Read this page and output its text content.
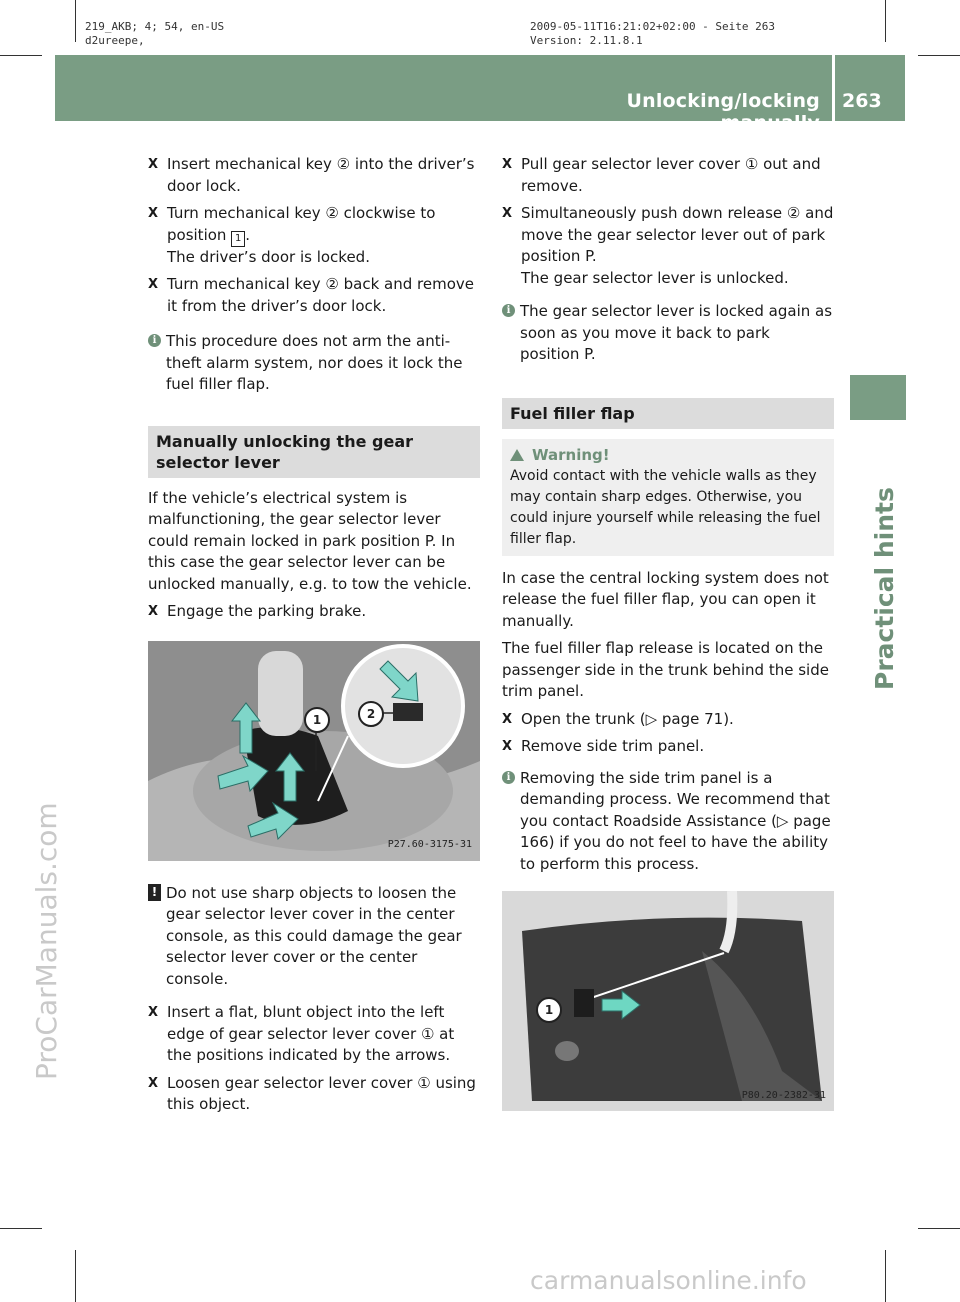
219_AKB; 4; 54, en-US
d2ureepe,
2009-05-11T16:21:02+02:00 - Seite 263
Version: 2.11.8.1
Unlocking/locking manually
263
Practical hints
ProCarManuals.com
carmanualsonline.info
X Insert mechanical key ② into the driver’s door lock.
X Turn mechanical key ② clockwise to position 1 .
The driver’s door is locked.
X Turn mechanical key ② back and remove it from the driver’s door lock.
i This procedure does not arm the anti-theft alarm system, nor does it lock the fuel filler flap.
Manually unlocking the gear selector lever
If the vehicle’s electrical system is malfunctioning, the gear selector lever could remain locked in park position P. In this case the gear selector lever can be unlocked manually, e.g. to tow the vehicle.
X Engage the parking brake.
1	2
P27.60-3175-31
! Do not use sharp objects to loosen the gear selector lever cover in the center console, as this could damage the gear selector lever cover or the center console.
X Insert a flat, blunt object into the left edge of gear selector lever cover ① at the positions indicated by the arrows.
X Loosen gear selector lever cover ① using this object.
X Pull gear selector lever cover ① out and remove.
X Simultaneously push down release ② and move the gear selector lever out of park position P.
The gear selector lever is unlocked.
i The gear selector lever is locked again as soon as you move it back to park position P.
Fuel filler flap
Warning!
Avoid contact with the vehicle walls as they may contain sharp edges. Otherwise, you could injure yourself while releasing the fuel filler flap.
In case the central locking system does not release the fuel filler flap, you can open it manually.
The fuel filler flap release is located on the passenger side in the trunk behind the side trim panel.
X Open the trunk (▷ page 71).
X Remove side trim panel.
i Removing the side trim panel is a demanding process. We recommend that you contact Roadside Assistance (▷ page 166) if you do not feel to have the ability to perform this process.
1
P80.20-2382-31
